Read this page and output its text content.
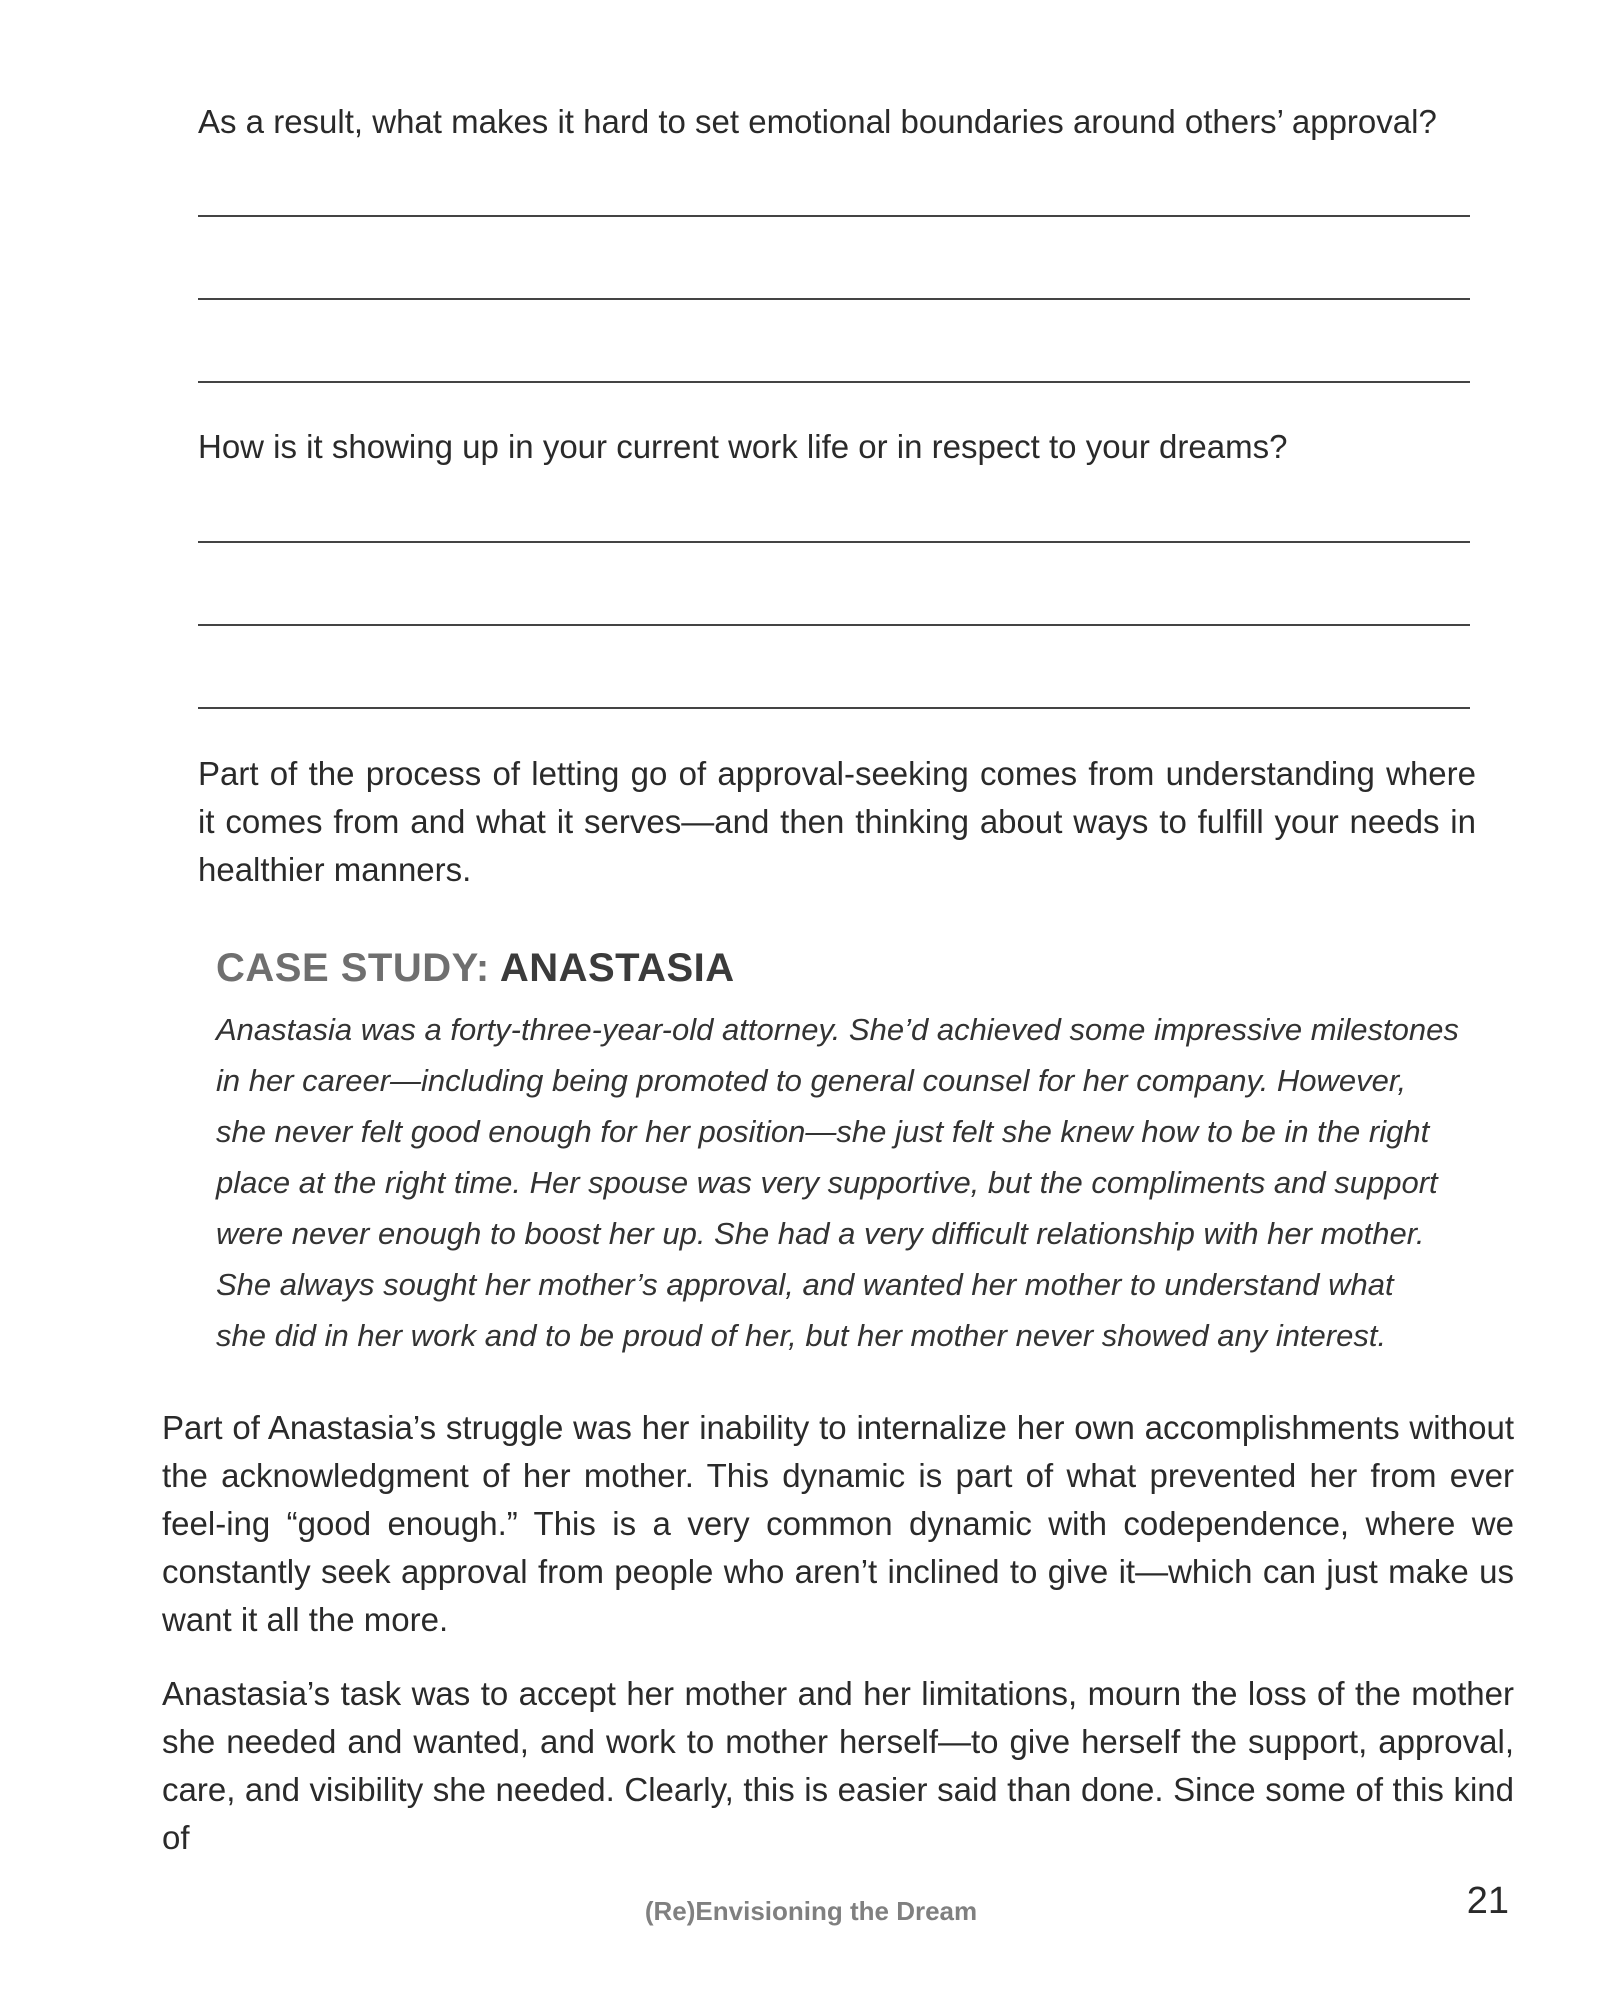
As a result, what makes it hard to set emotional boundaries around others’ approval?
How is it showing up in your current work life or in respect to your dreams?

Part of the process of letting go of approval-seeking comes from understanding where it comes from and what it serves—and then thinking about ways to fulfill your needs in healthier manners.

CASE STUDY: ANASTASIA
Anastasia was a forty-three-year-old attorney. She’d achieved some impressive milestones
in her career—including being promoted to general counsel for her company. However,
she never felt good enough for her position—she just felt she knew how to be in the right
place at the right time. Her spouse was very supportive, but the compliments and support
were never enough to boost her up. She had a very difficult relationship with her mother.
She always sought her mother’s approval, and wanted her mother to understand what
she did in her work and to be proud of her, but her mother never showed any interest.

Part of Anastasia’s struggle was her inability to internalize her own accomplishments without the acknowledgment of her mother. This dynamic is part of what prevented her from ever feel-ing “good enough.” This is a very common dynamic with codependence, where we constantly seek approval from people who aren’t inclined to give it—which can just make us want it all the more.

Anastasia’s task was to accept her mother and her limitations, mourn the loss of the mother she needed and wanted, and work to mother herself—to give herself the support, approval, care, and visibility she needed. Clearly, this is easier said than done. Since some of this kind of

(Re)Envisioning the Dream	21
